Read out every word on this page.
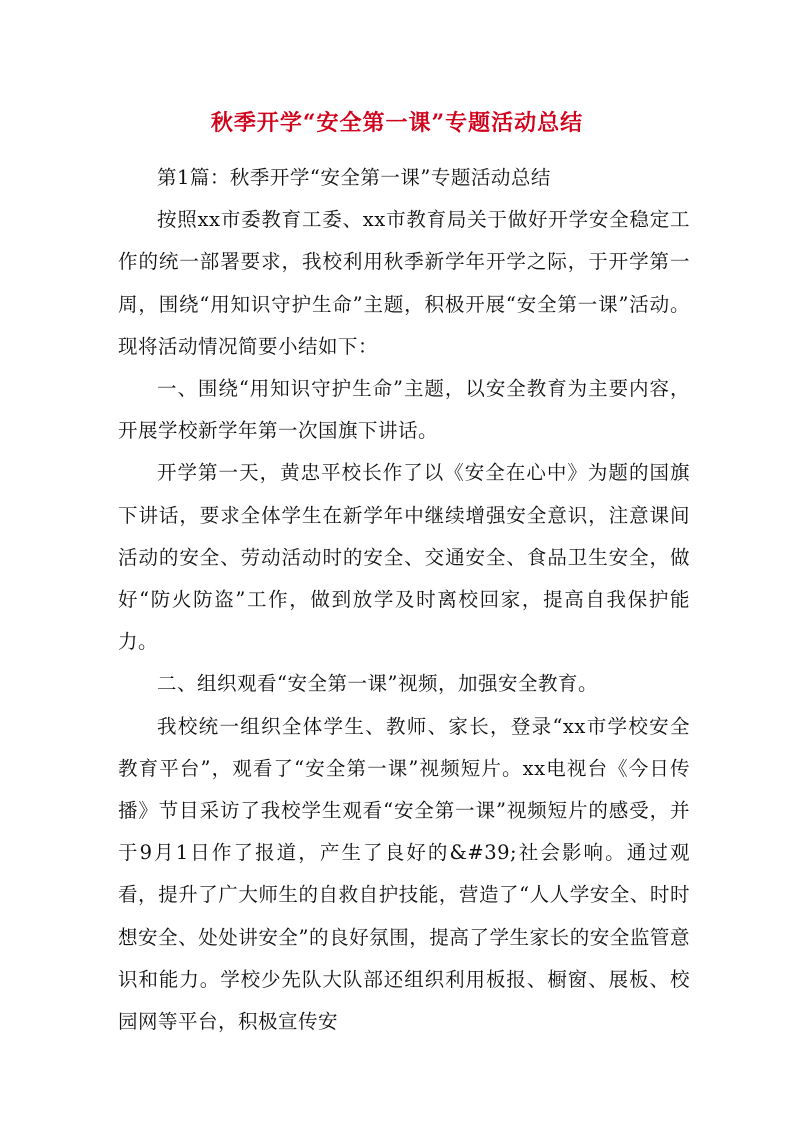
秋季开学“安全第一课”专题活动总结

第1篇：秋季开学“安全第一课”专题活动总结

按照xx市委教育工委、xx市教育局关于做好开学安全稳定工作的统一部署要求，我校利用秋季新学年开学之际，于开学第一周，围绕“用知识守护生命”主题，积极开展“安全第一课”活动。现将活动情况简要小结如下：

一、围绕“用知识守护生命”主题，以安全教育为主要内容，开展学校新学年第一次国旗下讲话。

开学第一天，黄忠平校长作了以《安全在心中》为题的国旗下讲话，要求全体学生在新学年中继续增强安全意识，注意课间活动的安全、劳动活动时的安全、交通安全、食品卫生安全，做好“防火防盗”工作，做到放学及时离校回家，提高自我保护能力。

二、组织观看“安全第一课”视频，加强安全教育。

我校统一组织全体学生、教师、家长，登录“xx市学校安全教育平台”，观看了“安全第一课”视频短片。xx电视台《今日传播》节目采访了我校学生观看“安全第一课”视频短片的感受，并于9月1日作了报道，产生了良好的&#39;社会影响。通过观看，提升了广大师生的自救自护技能，营造了“人人学安全、时时想安全、处处讲安全”的良好氛围，提高了学生家长的安全监管意识和能力。学校少先队大队部还组织利用板报、橱窗、展板、校园网等平台，积极宣传安
